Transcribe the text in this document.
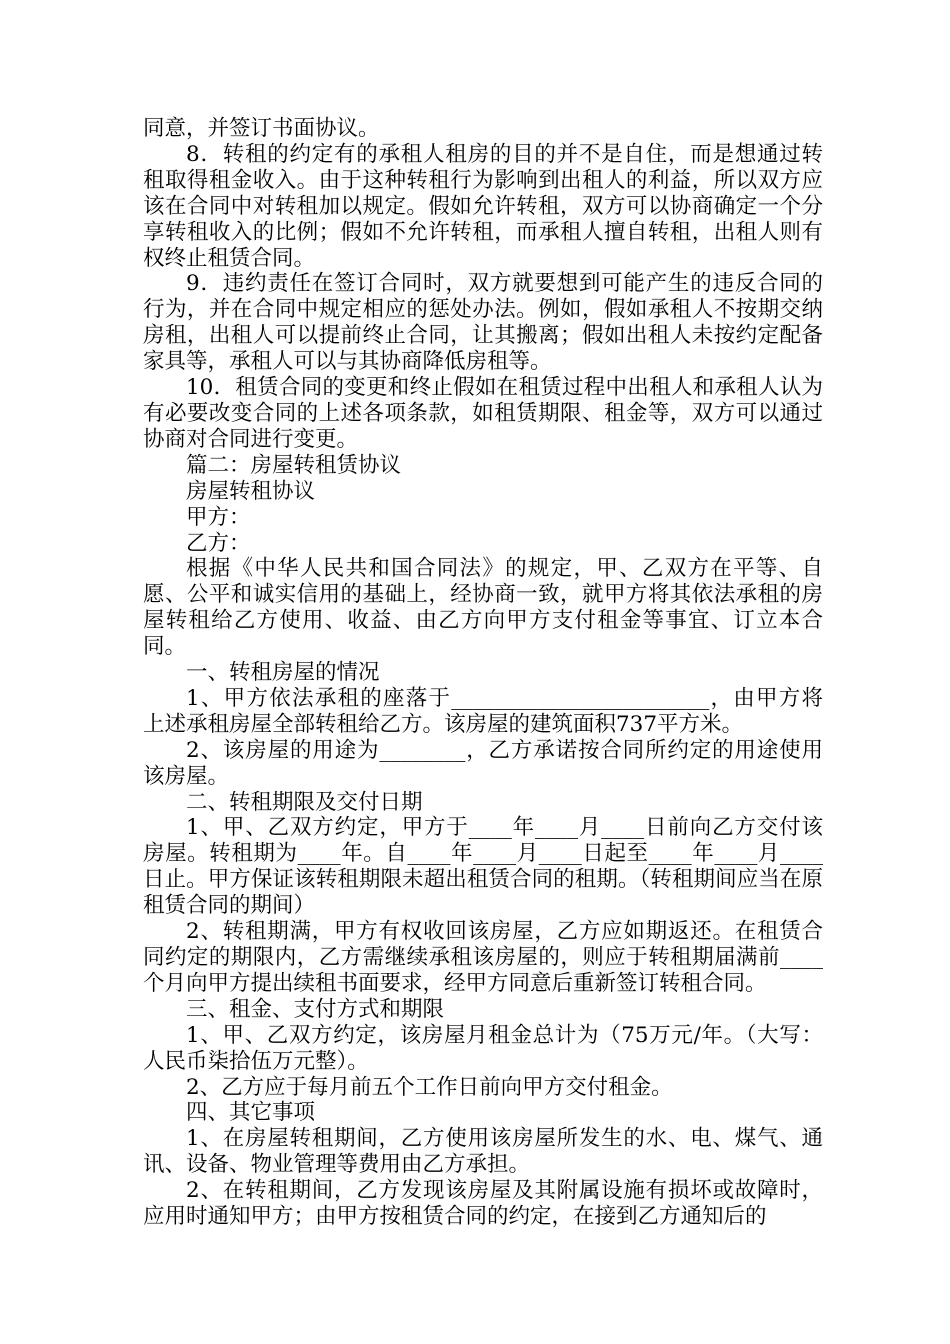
同意，并签订书面协议。

8．转租的约定有的承租人租房的目的并不是自住，而是想通过转租取得租金收入。由于这种转租行为影响到出租人的利益，所以双方应该在合同中对转租加以规定。假如允许转租，双方可以协商确定一个分享转租收入的比例；假如不允许转租，而承租人擅自转租，出租人则有权终止租赁合同。

9．违约责任在签订合同时，双方就要想到可能产生的违反合同的行为，并在合同中规定相应的惩处办法。例如，假如承租人不按期交纳房租，出租人可以提前终止合同，让其搬离；假如出租人未按约定配备家具等，承租人可以与其协商降低房租等。

10．租赁合同的变更和终止假如在租赁过程中出租人和承租人认为有必要改变合同的上述各项条款，如租赁期限、租金等，双方可以通过协商对合同进行变更。

篇二：房屋转租赁协议

房屋转租协议

甲方：

乙方：

根据《中华人民共和国合同法》的规定，甲、乙双方在平等、自愿、公平和诚实信用的基础上，经协商一致，就甲方将其依法承租的房屋转租给乙方使用、收益、由乙方向甲方支付租金等事宜、订立本合同。

一、转租房屋的情况

1、甲方依法承租的座落于________________________，由甲方将上述承租房屋全部转租给乙方。该房屋的建筑面积737平方米。

2、该房屋的用途为________，乙方承诺按合同所约定的用途使用该房屋。

二、转租期限及交付日期

1、甲、乙双方约定，甲方于____年____月____日前向乙方交付该房屋。转租期为____年。自____年____月____日起至____年____月____日止。甲方保证该转租期限未超出租赁合同的租期。（转租期间应当在原租赁合同的期间）

2、转租期满，甲方有权收回该房屋，乙方应如期返还。在租赁合同约定的期限内，乙方需继续承租该房屋的，则应于转租期届满前____个月向甲方提出续租书面要求，经甲方同意后重新签订转租合同。

三、租金、支付方式和期限

1、甲、乙双方约定，该房屋月租金总计为（75万元/年。（大写：人民币柒拾伍万元整）。

2、乙方应于每月前五个工作日前向甲方交付租金。

四、其它事项

1、在房屋转租期间，乙方使用该房屋所发生的水、电、煤气、通讯、设备、物业管理等费用由乙方承担。

2、在转租期间，乙方发现该房屋及其附属设施有损坏或故障时，应用时通知甲方；由甲方按租赁合同的约定，在接到乙方通知后的
